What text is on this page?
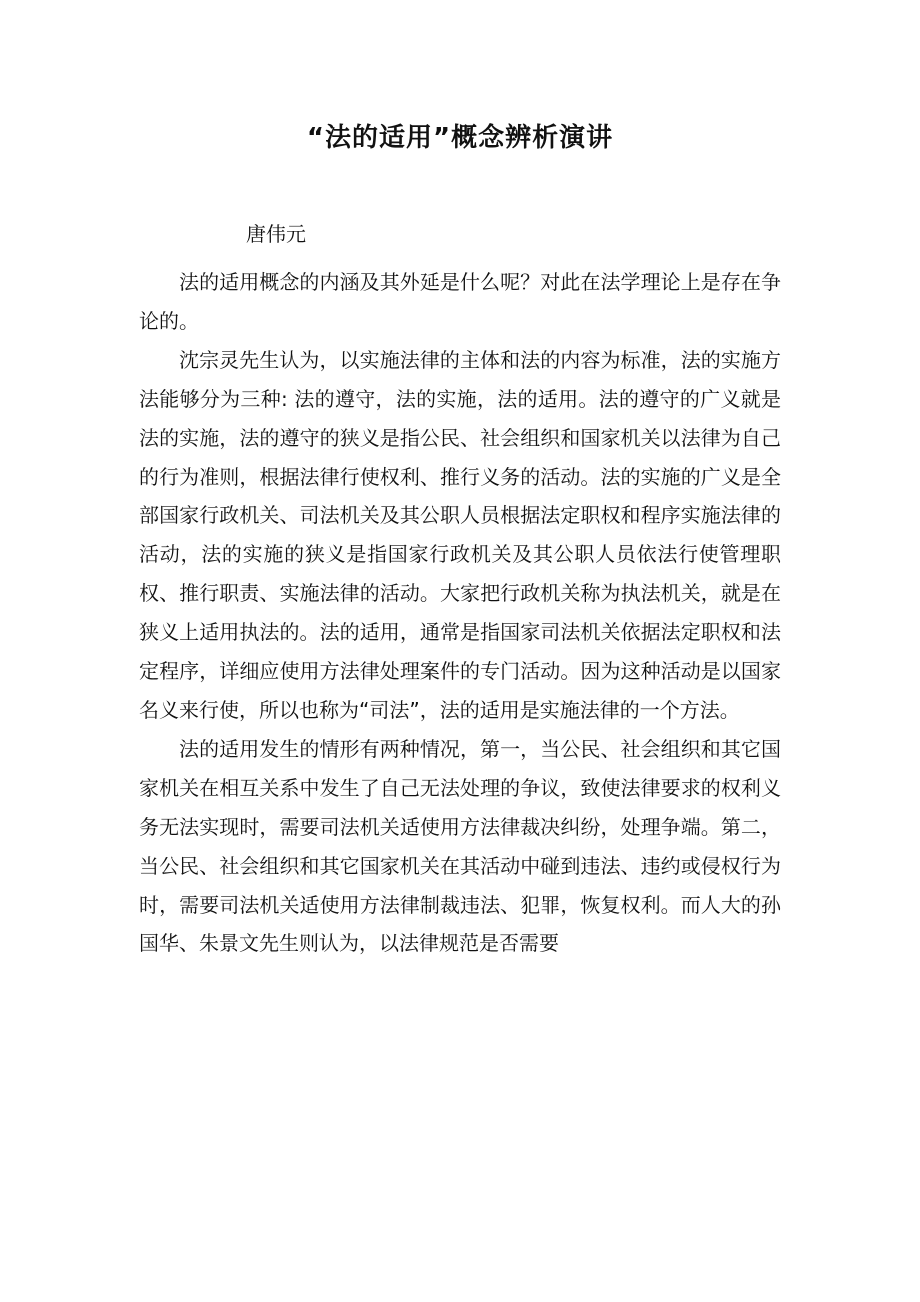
“法的适用”概念辨析演讲

唐伟元

法的适用概念的内涵及其外延是什么呢？对此在法学理论上是存在争论的。

沈宗灵先生认为，以实施法律的主体和法的内容为标准，法的实施方法能够分为三种: 法的遵守，法的实施，法的适用。法的遵守的广义就是法的实施，法的遵守的狭义是指公民、社会组织和国家机关以法律为自己的行为准则，根据法律行使权利、推行义务的活动。法的实施的广义是全部国家行政机关、司法机关及其公职人员根据法定职权和程序实施法律的活动，法的实施的狭义是指国家行政机关及其公职人员依法行使管理职权、推行职责、实施法律的活动。大家把行政机关称为执法机关，就是在狭义上适用执法的。法的适用，通常是指国家司法机关依据法定职权和法定程序，详细应使用方法律处理案件的专门活动。因为这种活动是以国家名义来行使，所以也称为“司法”，法的适用是实施法律的一个方法。

法的适用发生的情形有两种情况，第一，当公民、社会组织和其它国家机关在相互关系中发生了自己无法处理的争议，致使法律要求的权利义务无法实现时，需要司法机关适使用方法律裁决纠纷，处理争端。第二，当公民、社会组织和其它国家机关在其活动中碰到违法、违约或侵权行为时，需要司法机关适使用方法律制裁违法、犯罪，恢复权利。而人大的孙国华、朱景文先生则认为，以法律规范是否需要
